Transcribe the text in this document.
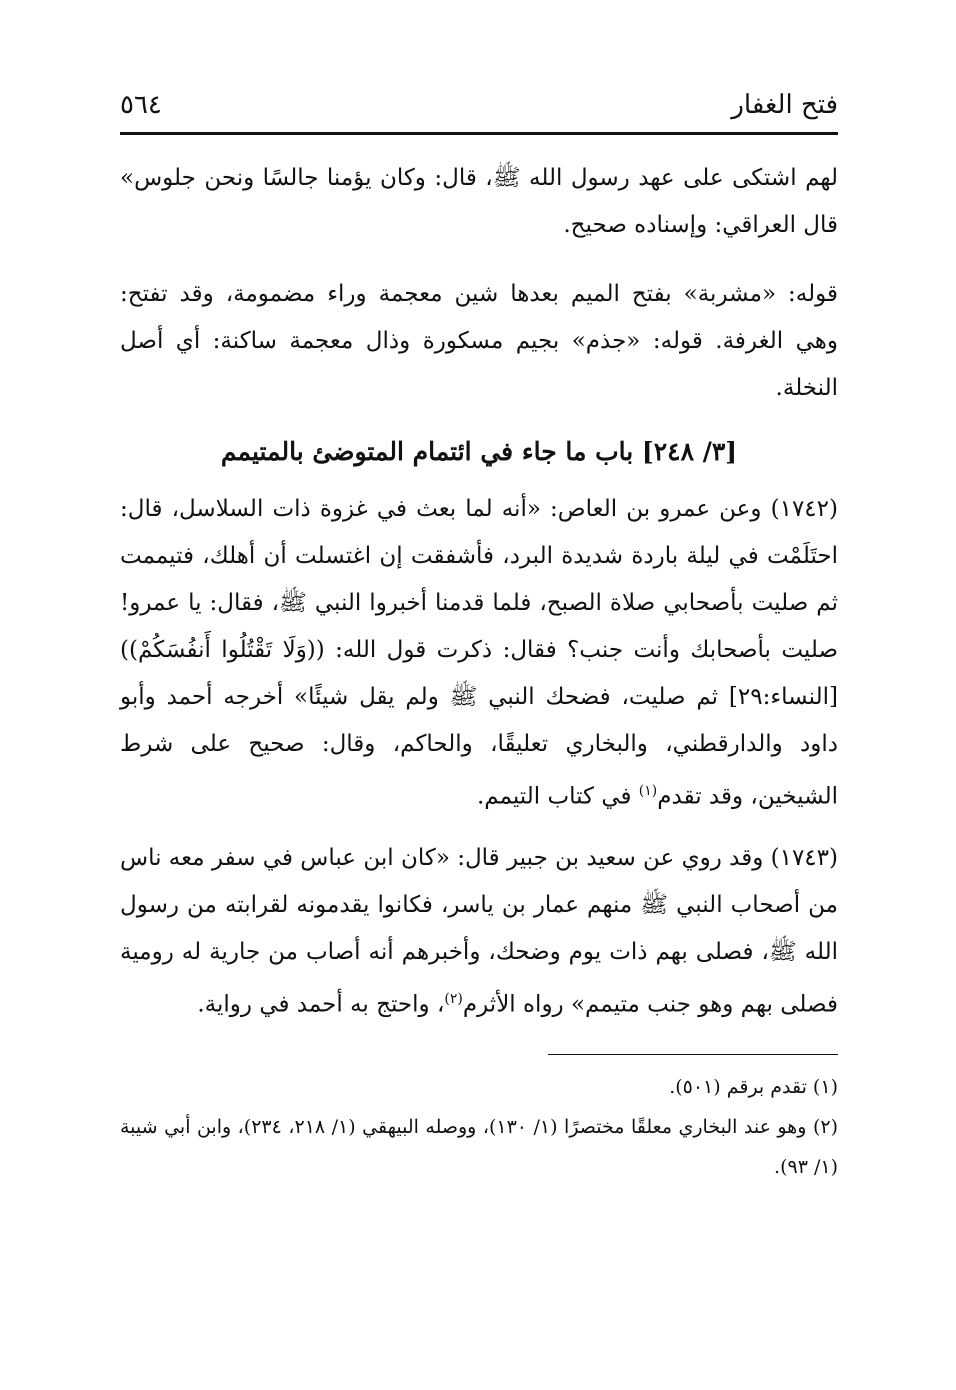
فتح الغفار
٥٦٤

لهم اشتكى على عهد رسول الله ﷺ، قال: وكان يؤمنا جالسًا ونحن جلوس» قال العراقي: وإسناده صحيح.

قوله: «مشربة» بفتح الميم بعدها شين معجمة وراء مضمومة، وقد تفتح: وهي الغرفة. قوله: «جذم» بجيم مسكورة وذال معجمة ساكنة: أي أصل النخلة.

[٣/ ٢٤٨] باب ما جاء في ائتمام المتوضئ بالمتيمم

(١٧٤٢) وعن عمرو بن العاص: «أنه لما بعث في غزوة ذات السلاسل، قال: احتَلَمْت في ليلة باردة شديدة البرد، فأشفقت إن اغتسلت أن أهلك، فتيممت ثم صليت بأصحابي صلاة الصبح، فلما قدمنا أخبروا النبي ﷺ، فقال: يا عمرو! صليت بأصحابك وأنت جنب؟ فقال: ذكرت قول الله: ((وَلَا تَقْتُلُوا أَنفُسَكُمْ)) [النساء:٢٩] ثم صليت، فضحك النبي ﷺ ولم يقل شيئًا» أخرجه أحمد وأبو داود والدارقطني، والبخاري تعليقًا، والحاكم، وقال: صحيح على شرط الشيخين، وقد تقدم$^{(١)}$ في كتاب التيمم.

(١٧٤٣) وقد روي عن سعيد بن جبير قال: «كان ابن عباس في سفر معه ناس من أصحاب النبي ﷺ منهم عمار بن ياسر، فكانوا يقدمونه لقرابته من رسول الله ﷺ، فصلى بهم ذات يوم وضحك، وأخبرهم أنه أصاب من جارية له رومية فصلى بهم وهو جنب متيمم» رواه الأثرم$^{(٢)}$، واحتج به أحمد في رواية.

(١) تقدم برقم (٥٠١).

(٢) وهو عند البخاري معلقًا مختصرًا (١/ ١٣٠)، ووصله البيهقي (١/ ٢١٨، ٢٣٤)، وابن أبي شيبة (١/ ٩٣).
